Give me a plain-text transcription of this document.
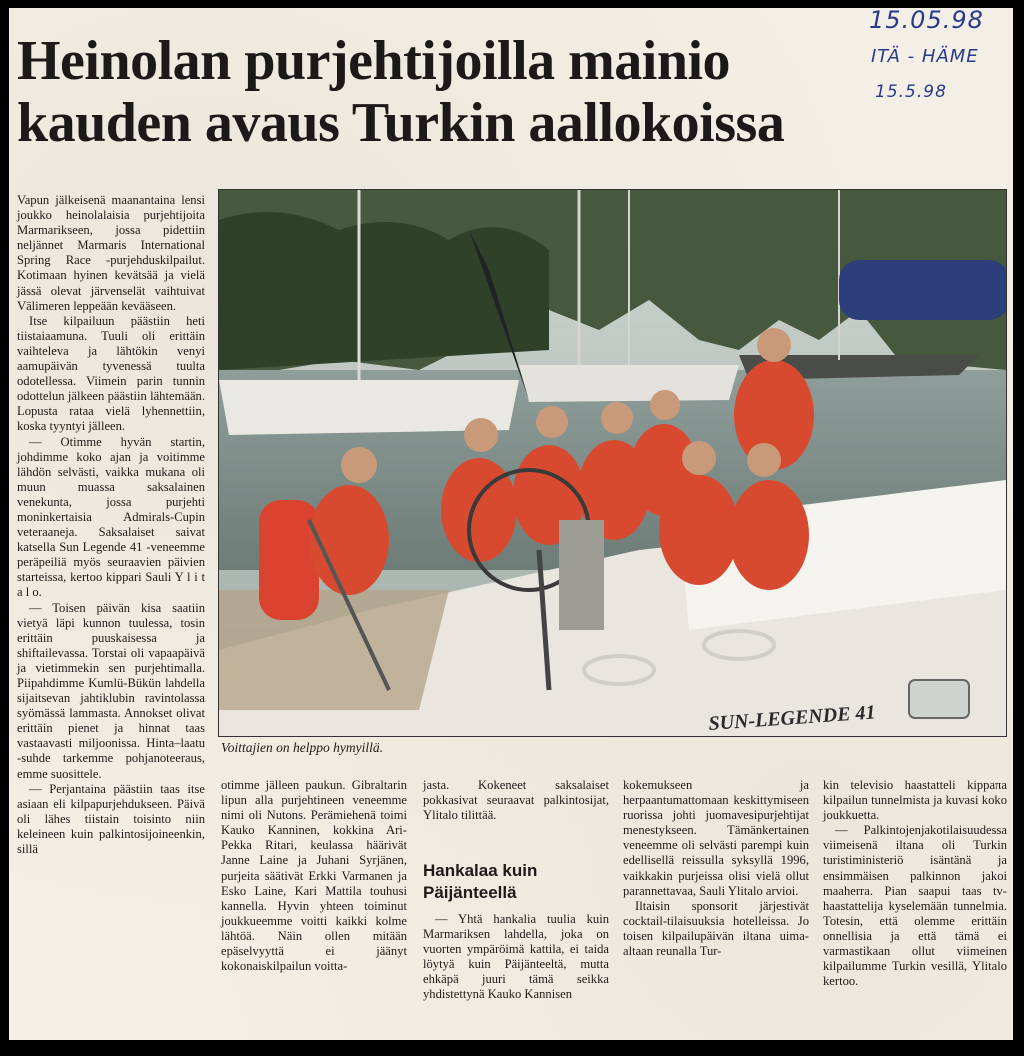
15.05.98
ITÄ - HÄME
15.5.98
Heinolan purjehtijoilla mainio
kauden avaus Turkin aallokoissa

Vapun jälkeisenä maanantaina lensi joukko heinolalaisia purjehtijoita Marmarikseen, jossa pidettiin neljännet Marmaris International Spring Race -purjehduskilpailut. Kotimaan hyinen kevätsää ja vielä jässä olevat järvenselät vaihtuivat Välimeren leppeään kevääseen.

Itse kilpailuun päästiin heti tiistaiaamuna. Tuuli oli erittäin vaihteleva ja lähtökin venyi aamupäivän tyvenessä tuulta odotellessa. Viimein parin tunnin odottelun jälkeen päästiin lähtemään. Lopusta rataa vielä lyhennettiin, koska tyyntyi jälleen.

— Otimme hyvän startin, johdimme koko ajan ja voitimme lähdön selvästi, vaikka mukana oli muun muassa saksalainen venekunta, jossa purjehti moninkertaisia Admirals-Cupin veteraaneja. Saksalaiset saivat katsella Sun Legende 41 -veneemme peräpeiliä myös seuraavien päivien starteissa, kertoo kippari Sauli Y l i t a l o.

— Toisen päivän kisa saatiin vietyä läpi kunnon tuulessa, tosin erittäin puuskaisessa ja shiftailevassa. Torstai oli vapaapäivä ja vietimmekin sen purjehtimalla. Piipahdimme Kumlü-Bükün lahdella sijaitsevan jahtiklubin ravintolassa syömässä lammasta. Annokset olivat erittäin pienet ja hinnat taas vastaavasti miljoonissa. Hinta–laatu -suhde tarkemme pohjanoteeraus, emme suosittele.

— Perjantaina päästiin taas itse asiaan eli kilpapurjehdukseen. Päivä oli lähes tiistain toisinto niin keleineen kuin palkintosijoineenkin, sillä

SUN-LEGENDE 41
Voittajien on helppo hymyillä.

otimme jälleen paukun. Gibraltarin lipun alla purjehtineen veneemme nimi oli Nutons. Perämiehenä toimi Kauko Kanninen, kokkina Ari-Pekka Ritari, keulassa häärivät Janne Laine ja Juhani Syrjänen, purjeita säätivät Erkki Varmanen ja Esko Laine, Kari Mattila touhusi kannella. Hyvin yhteen toiminut joukkueemme voitti kaikki kolme lähtöä. Näin ollen mitään epäselvyyttä ei jäänyt kokonaiskilpailun voitta-

jasta. Kokeneet saksalaiset pokkasivat seuraavat palkintosijat, Ylitalo tilittää.

Hankalaa kuin
Päijänteellä

— Yhtä hankalia tuulia kuin Marmariksen lahdella, joka on vuorten ympäröimä kattila, ei taida löytyä kuin Päijänteeltä, mutta ehkäpä juuri tämä seikka yhdistettynä Kauko Kannisen

kokemukseen ja herpaantumattomaan keskittymiseen ruorissa johti juomavesipurjehtijat menestykseen. Tämänkertainen veneemme oli selvästi parempi kuin edellisellä reissulla syksyllä 1996, vaikkakin purjeissa olisi vielä ollut parannettavaa, Sauli Ylitalo arvioi.

Iltaisin sponsorit järjestivät cocktail-tilaisuuksia hotelleissa. Jo toisen kilpailupäivän iltana uima-altaan reunalla Tur-

kin televisio haastatteli kippaπa kilpailun tunnelmista ja kuvasi koko joukkuetta.

— Palkintojenjakotilaisuudessa viimeisenä iltana oli Turkin turistiministeriö isäntänä ja ensimmäisen palkinnon jakoi maaherra. Pian saapui taas tv-haastattelija kyselemään tunnelmia. Totesin, että olemme erittäin onnellisia ja että tämä ei varmastikaan ollut viimeinen kilpailumme Turkin vesillä, Ylitalo kertoo.
